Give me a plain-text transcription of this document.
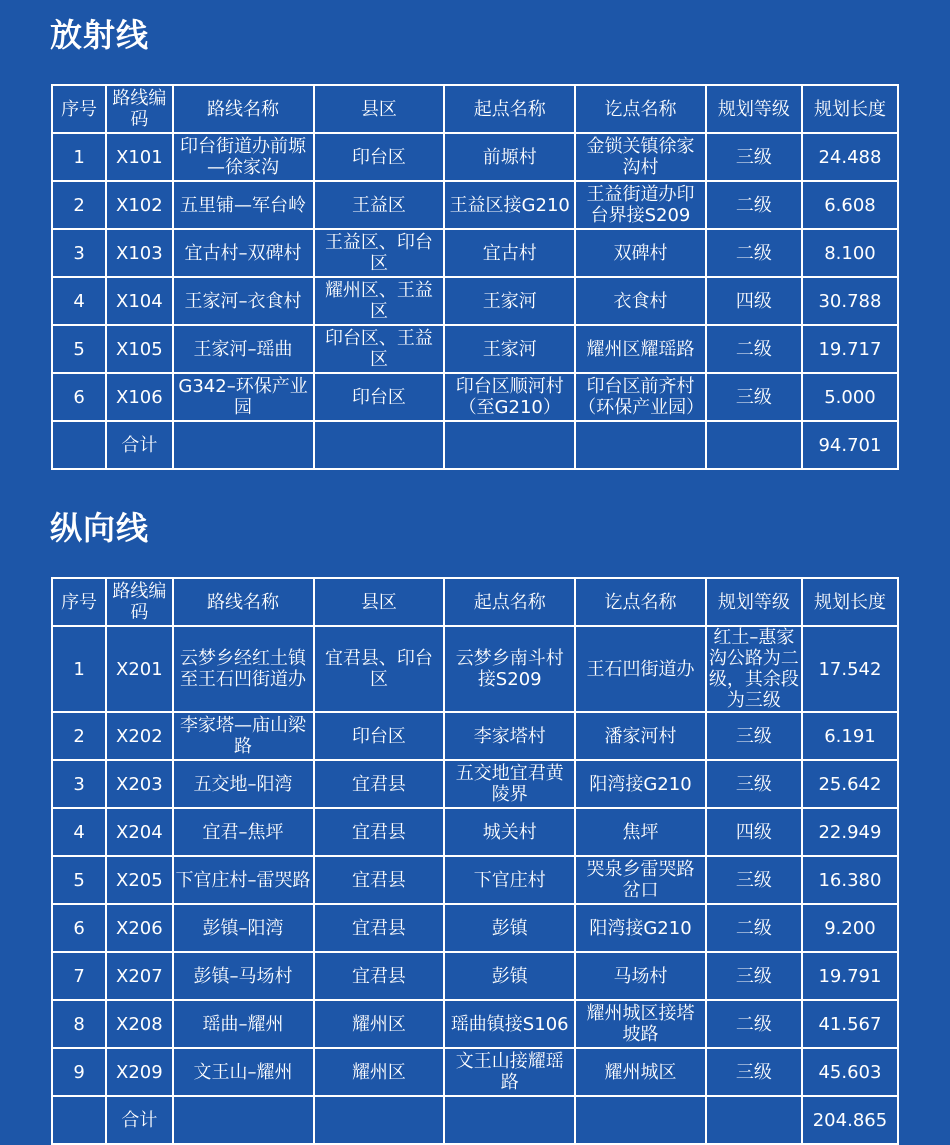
放射线
序号	路线编码	路线名称	县区	起点名称	讫点名称	规划等级	规划长度
1	X101	印台街道办前塬—徐家沟	印台区	前塬村	金锁关镇徐家沟村	三级	24.488
2	X102	五里铺—军台岭	王益区	王益区接G210	王益街道办印台界接S209	二级	6.608
3	X103	宜古村–双碑村	王益区、印台区	宜古村	双碑村	二级	8.100
4	X104	王家河–衣食村	耀州区、王益区	王家河	衣食村	四级	30.788
5	X105	王家河–瑶曲	印台区、王益区	王家河	耀州区耀瑶路	二级	19.717
6	X106	G342–环保产业园	印台区	印台区顺河村（至G210）	印台区前齐村（环保产业园）	三级	5.000
	合计						94.701
纵向线
序号	路线编码	路线名称	县区	起点名称	讫点名称	规划等级	规划长度
1	X201	云梦乡经红土镇至王石凹街道办	宜君县、印台区	云梦乡南斗村接S209	王石凹街道办	红土–惠家沟公路为二级，其余段为三级	17.542
2	X202	李家塔—庙山梁路	印台区	李家塔村	潘家河村	三级	6.191
3	X203	五交地–阳湾	宜君县	五交地宜君黄陵界	阳湾接G210	三级	25.642
4	X204	宜君–焦坪	宜君县	城关村	焦坪	四级	22.949
5	X205	下官庄村–雷哭路	宜君县	下官庄村	哭泉乡雷哭路岔口	三级	16.380
6	X206	彭镇–阳湾	宜君县	彭镇	阳湾接G210	二级	9.200
7	X207	彭镇–马场村	宜君县	彭镇	马场村	三级	19.791
8	X208	瑶曲–耀州	耀州区	瑶曲镇接S106	耀州城区接塔坡路	二级	41.567
9	X209	文王山–耀州	耀州区	文王山接耀瑶路	耀州城区	三级	45.603
	合计						204.865
